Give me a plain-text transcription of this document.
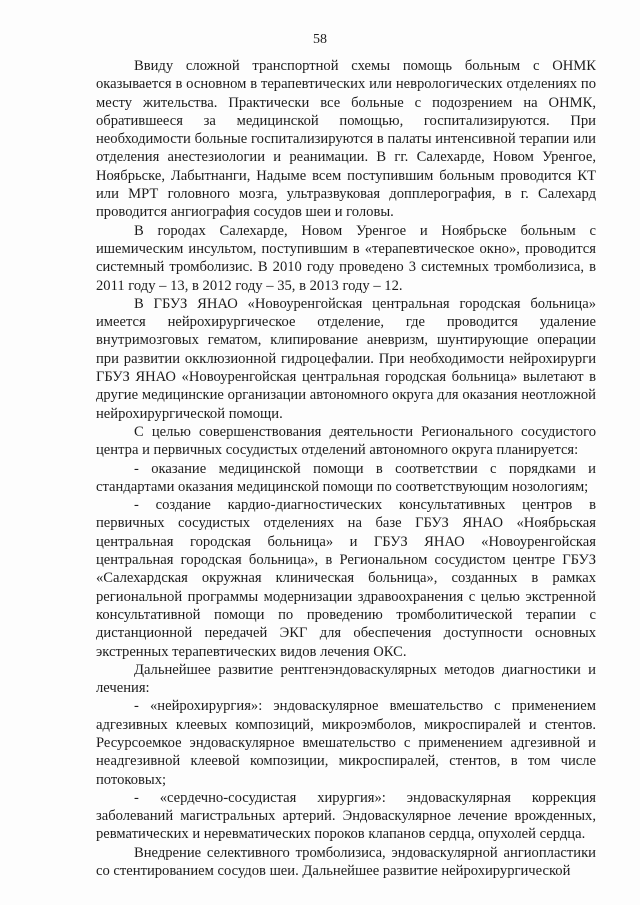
58

Ввиду сложной транспортной схемы помощь больным с ОНМК оказывается в основном в терапевтических или неврологических отделениях по месту жительства. Практически все больные с подозрением на ОНМК, обратившееся за медицинской помощью, госпитализируются. При необходимости больные госпитализируются в палаты интенсивной терапии или отделения анестезиологии и реанимации. В гг. Салехарде, Новом Уренгое, Ноябрьске, Лабытнанги, Надыме всем поступившим больным проводится КТ или МРТ головного мозга, ультразвуковая допплерография, в г. Салехард проводится ангиография сосудов шеи и головы.

В городах Салехарде, Новом Уренгое и Ноябрьске больным с ишемическим инсультом, поступившим в «терапевтическое окно», проводится системный тромболизис. В 2010 году проведено 3 системных тромболизиса, в 2011 году – 13, в 2012 году – 35, в 2013 году – 12.

В ГБУЗ ЯНАО «Новоуренгойская центральная городская больница» имеется нейрохирургическое отделение, где проводится удаление внутримозговых гематом, клипирование аневризм, шунтирующие операции при развитии окклюзионной гидроцефалии. При необходимости нейрохирурги ГБУЗ ЯНАО «Новоуренгойская центральная городская больница» вылетают в другие медицинские организации автономного округа для оказания неотложной нейрохирургической помощи.

С целью совершенствования деятельности Регионального сосудистого центра и первичных сосудистых отделений автономного округа планируется:

- оказание медицинской помощи в соответствии с порядками и стандартами оказания медицинской помощи по соответствующим нозологиям;

- создание кардио-диагностических консультативных центров в первичных сосудистых отделениях на базе ГБУЗ ЯНАО «Ноябрьская центральная городская больница» и ГБУЗ ЯНАО «Новоуренгойская центральная городская больница», в Региональном сосудистом центре ГБУЗ «Салехардская окружная клиническая больница», созданных в рамках региональной программы модернизации здравоохранения с целью экстренной консультативной помощи по проведению тромболитической терапии с дистанционной передачей ЭКГ для обеспечения доступности основных экстренных терапевтических видов лечения ОКС.

Дальнейшее развитие рентгенэндоваскулярных методов диагностики и лечения:

- «нейрохирургия»: эндоваскулярное вмешательство с применением адгезивных клеевых композиций, микроэмболов, микроспиралей и стентов. Ресурсоемкое эндоваскулярное вмешательство с применением адгезивной и неадгезивной клеевой композиции, микроспиралей, стентов, в том числе потоковых;

- «сердечно-сосудистая хирургия»: эндоваскулярная коррекция заболеваний магистральных артерий. Эндоваскулярное лечение врожденных, ревматических и неревматических пороков клапанов сердца, опухолей сердца.

Внедрение селективного тромболизиса, эндоваскулярной ангиопластики со стентированием сосудов шеи. Дальнейшее развитие нейрохирургической
